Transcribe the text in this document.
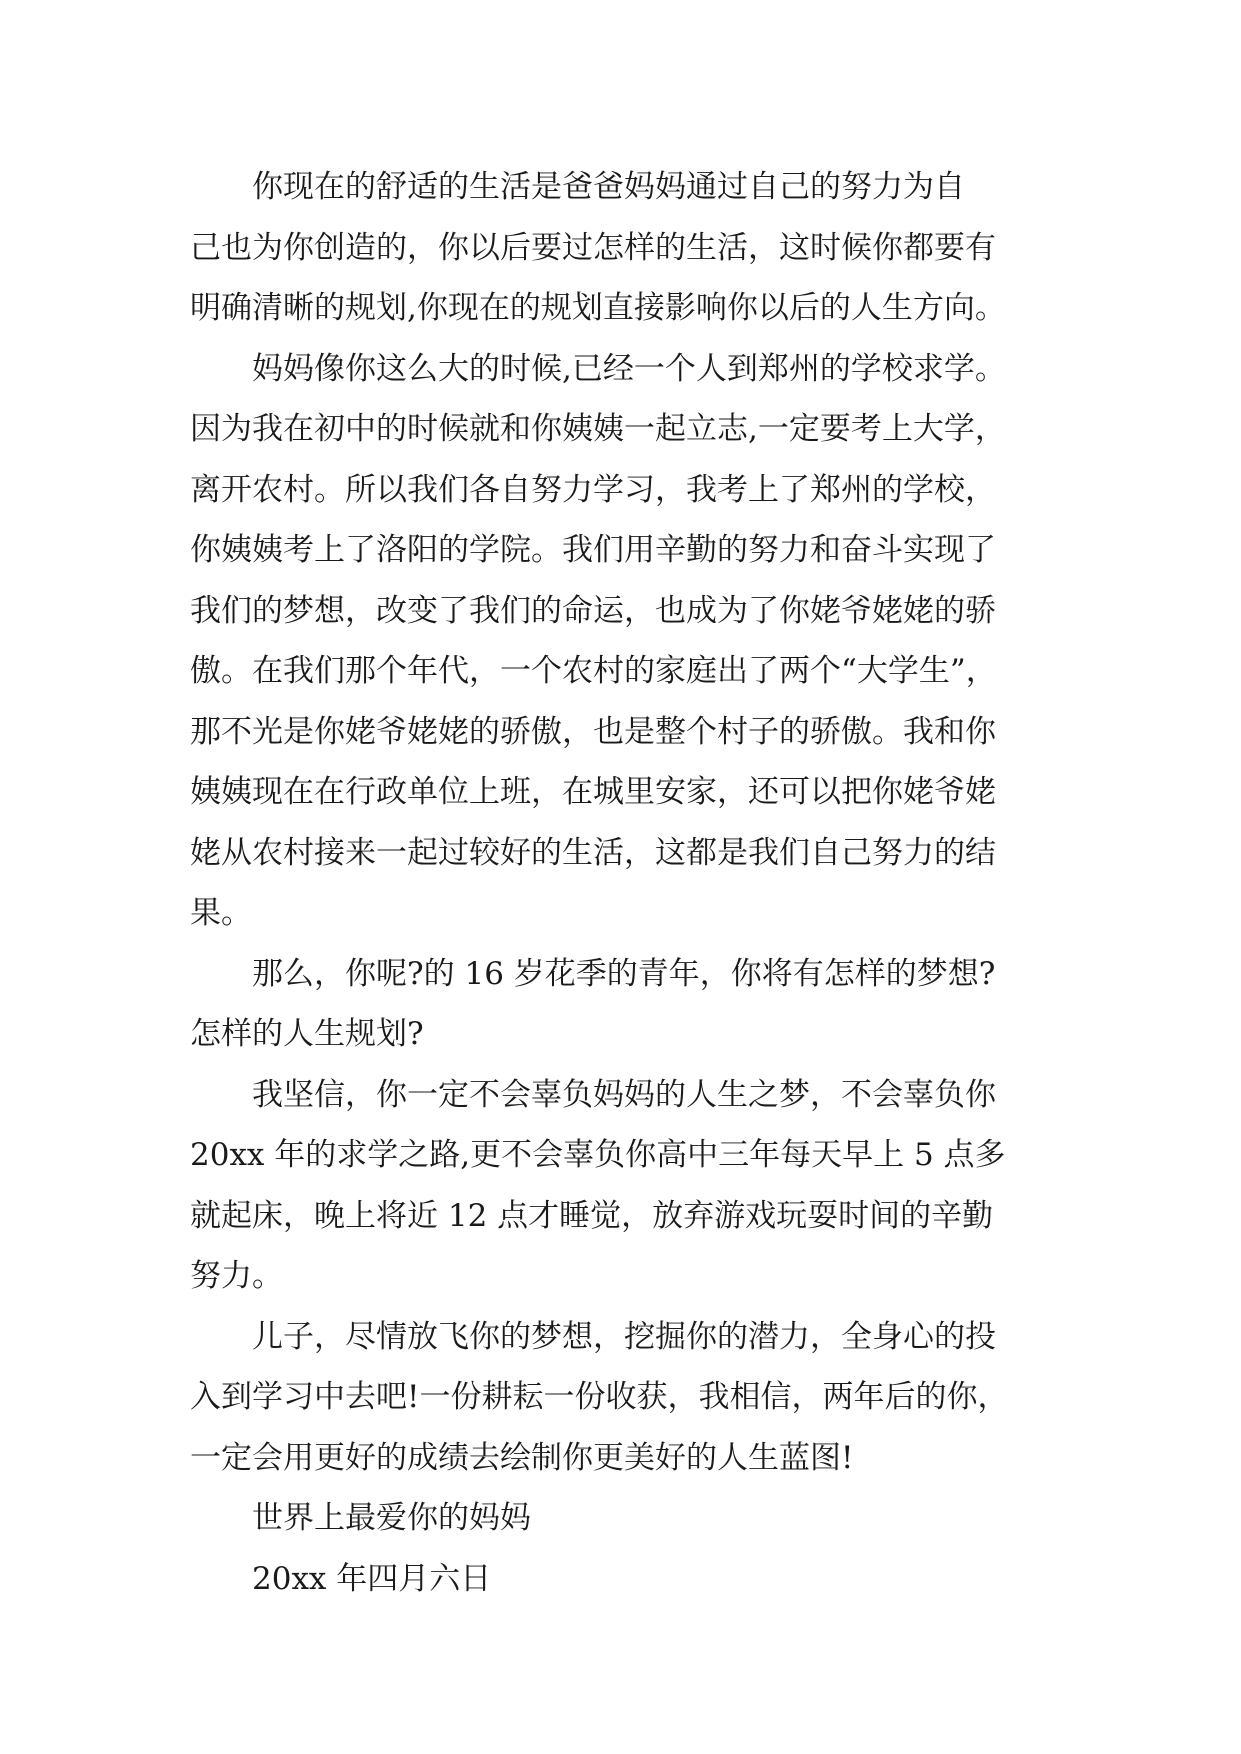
你现在的舒适的生活是爸爸妈妈通过自己的努力为自
己也为你创造的，你以后要过怎样的生活，这时候你都要有
明确清晰的规划,你现在的规划直接影响你以后的人生方向。

妈妈像你这么大的时候,已经一个人到郑州的学校求学。
因为我在初中的时候就和你姨姨一起立志,一定要考上大学，
离开农村。所以我们各自努力学习，我考上了郑州的学校，
你姨姨考上了洛阳的学院。我们用辛勤的努力和奋斗实现了
我们的梦想，改变了我们的命运，也成为了你姥爷姥姥的骄
傲。在我们那个年代，一个农村的家庭出了两个“大学生”，
那不光是你姥爷姥姥的骄傲，也是整个村子的骄傲。我和你
姨姨现在在行政单位上班，在城里安家，还可以把你姥爷姥
姥从农村接来一起过较好的生活，这都是我们自己努力的结
果。

那么，你呢?的 16 岁花季的青年，你将有怎样的梦想?
怎样的人生规划?

我坚信，你一定不会辜负妈妈的人生之梦，不会辜负你
20xx 年的求学之路,更不会辜负你高中三年每天早上 5 点多
就起床，晚上将近 12 点才睡觉，放弃游戏玩耍时间的辛勤
努力。

儿子，尽情放飞你的梦想，挖掘你的潜力，全身心的投
入到学习中去吧!一份耕耘一份收获，我相信，两年后的你，
一定会用更好的成绩去绘制你更美好的人生蓝图!

世界上最爱你的妈妈

20xx 年四月六日
